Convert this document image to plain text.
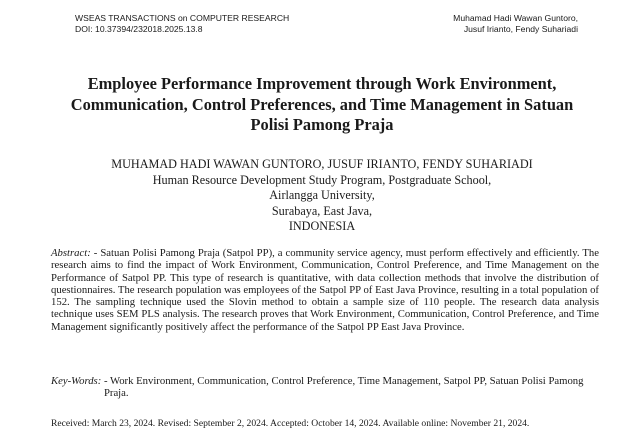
WSEAS TRANSACTIONS on COMPUTER RESEARCH
DOI: 10.37394/232018.2025.13.8
Muhamad Hadi Wawan Guntoro,
Jusuf Irianto, Fendy Suhariadi
Employee Performance Improvement through Work Environment,
Communication, Control Preferences, and Time Management in Satuan
Polisi Pamong Praja
MUHAMAD HADI WAWAN GUNTORO, JUSUF IRIANTO, FENDY SUHARIADI
Human Resource Development Study Program, Postgraduate School,
Airlangga University,
Surabaya, East Java,
INDONESIA
Abstract: - Satuan Polisi Pamong Praja (Satpol PP), a community service agency, must perform effectively and efficiently. The research aims to find the impact of Work Environment, Communication, Control Preference, and Time Management on the Performance of Satpol PP. This type of research is quantitative, with data collection methods that involve the distribution of questionnaires. The research population was employees of the Satpol PP of East Java Province, resulting in a total population of 152. The sampling technique used the Slovin method to obtain a sample size of 110 people. The research data analysis technique uses SEM PLS analysis. The research proves that Work Environment, Communication, Control Preference, and Time Management significantly positively affect the performance of the Satpol PP East Java Province.
Key-Words:
- Work Environment, Communication, Control Preference, Time Management, Satpol PP, Satuan Polisi Pamong Praja.
Received: March 23, 2024. Revised: September 2, 2024. Accepted: October 14, 2024. Available online: November 21, 2024.
